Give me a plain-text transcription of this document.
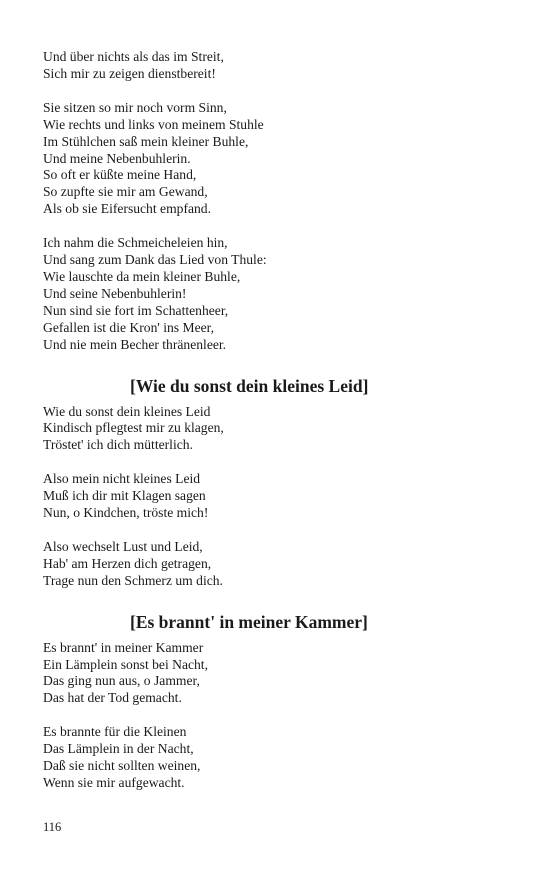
Und über nichts als das im Streit,
Sich mir zu zeigen dienstbereit!
Sie sitzen so mir noch vorm Sinn,
Wie rechts und links von meinem Stuhle
Im Stühlchen saß mein kleiner Buhle,
Und meine Nebenbuhlerin.
So oft er küßte meine Hand,
So zupfte sie mir am Gewand,
Als ob sie Eifersucht empfand.
Ich nahm die Schmeicheleien hin,
Und sang zum Dank das Lied von Thule:
Wie lauschte da mein kleiner Buhle,
Und seine Nebenbuhlerin!
Nun sind sie fort im Schattenheer,
Gefallen ist die Kron' ins Meer,
Und nie mein Becher thränenleer.
[Wie du sonst dein kleines Leid]
Wie du sonst dein kleines Leid
Kindisch pflegtest mir zu klagen,
Tröstet' ich dich mütterlich.
Also mein nicht kleines Leid
Muß ich dir mit Klagen sagen
Nun, o Kindchen, tröste mich!
Also wechselt Lust und Leid,
Hab' am Herzen dich getragen,
Trage nun den Schmerz um dich.
[Es brannt' in meiner Kammer]
Es brannt' in meiner Kammer
Ein Lämplein sonst bei Nacht,
Das ging nun aus, o Jammer,
Das hat der Tod gemacht.
Es brannte für die Kleinen
Das Lämplein in der Nacht,
Daß sie nicht sollten weinen,
Wenn sie mir aufgewacht.
116
